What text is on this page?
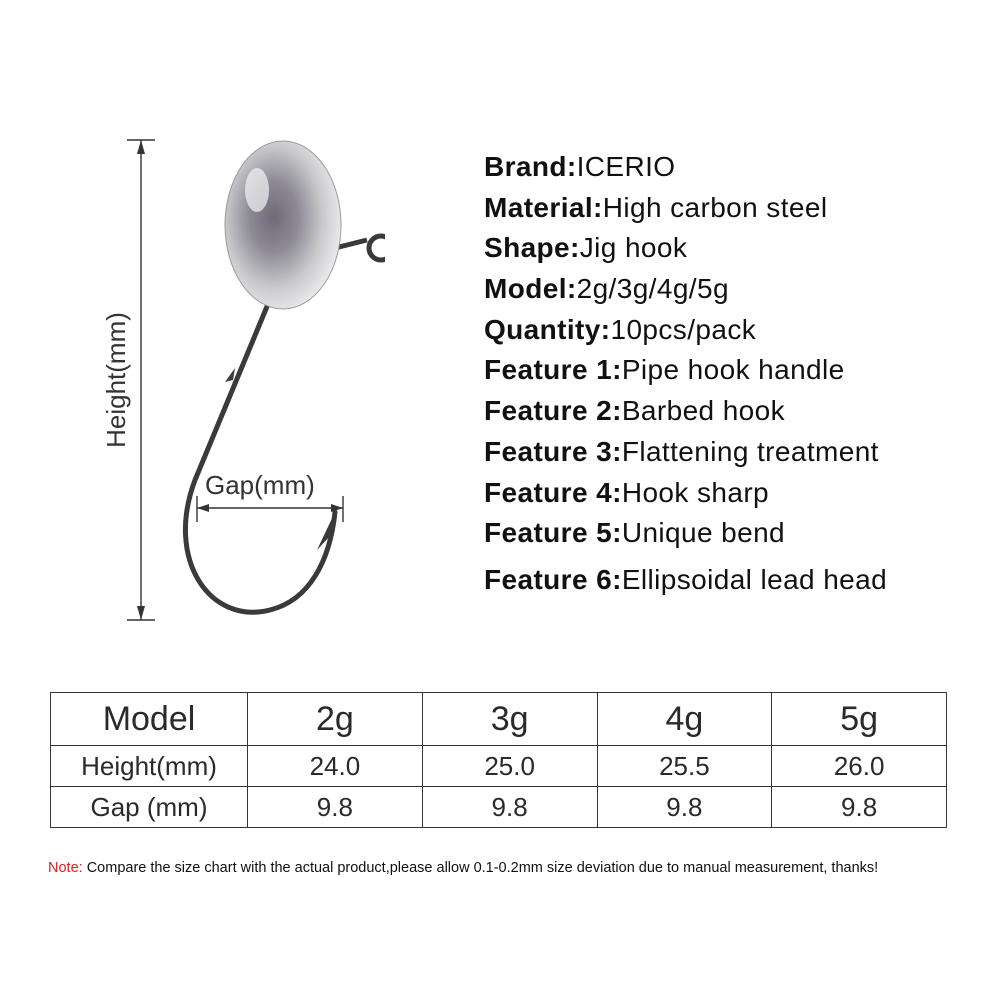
Height(mm)
Gap(mm)
Brand:ICERIO
Material:High carbon steel
Shape:Jig hook
Model:2g/3g/4g/5g
Quantity:10pcs/pack
Feature 1:Pipe hook handle
Feature 2:Barbed hook
Feature 3:Flattening treatment
Feature 4:Hook sharp
Feature 5:Unique bend
Feature 6:Ellipsoidal lead head
Model	2g	3g	4g	5g
Height(mm)	24.0	25.0	25.5	26.0
Gap (mm)	9.8	9.8	9.8	9.8
Note: Compare the size chart with the actual product,please allow 0.1-0.2mm size deviation due to manual measurement, thanks!
